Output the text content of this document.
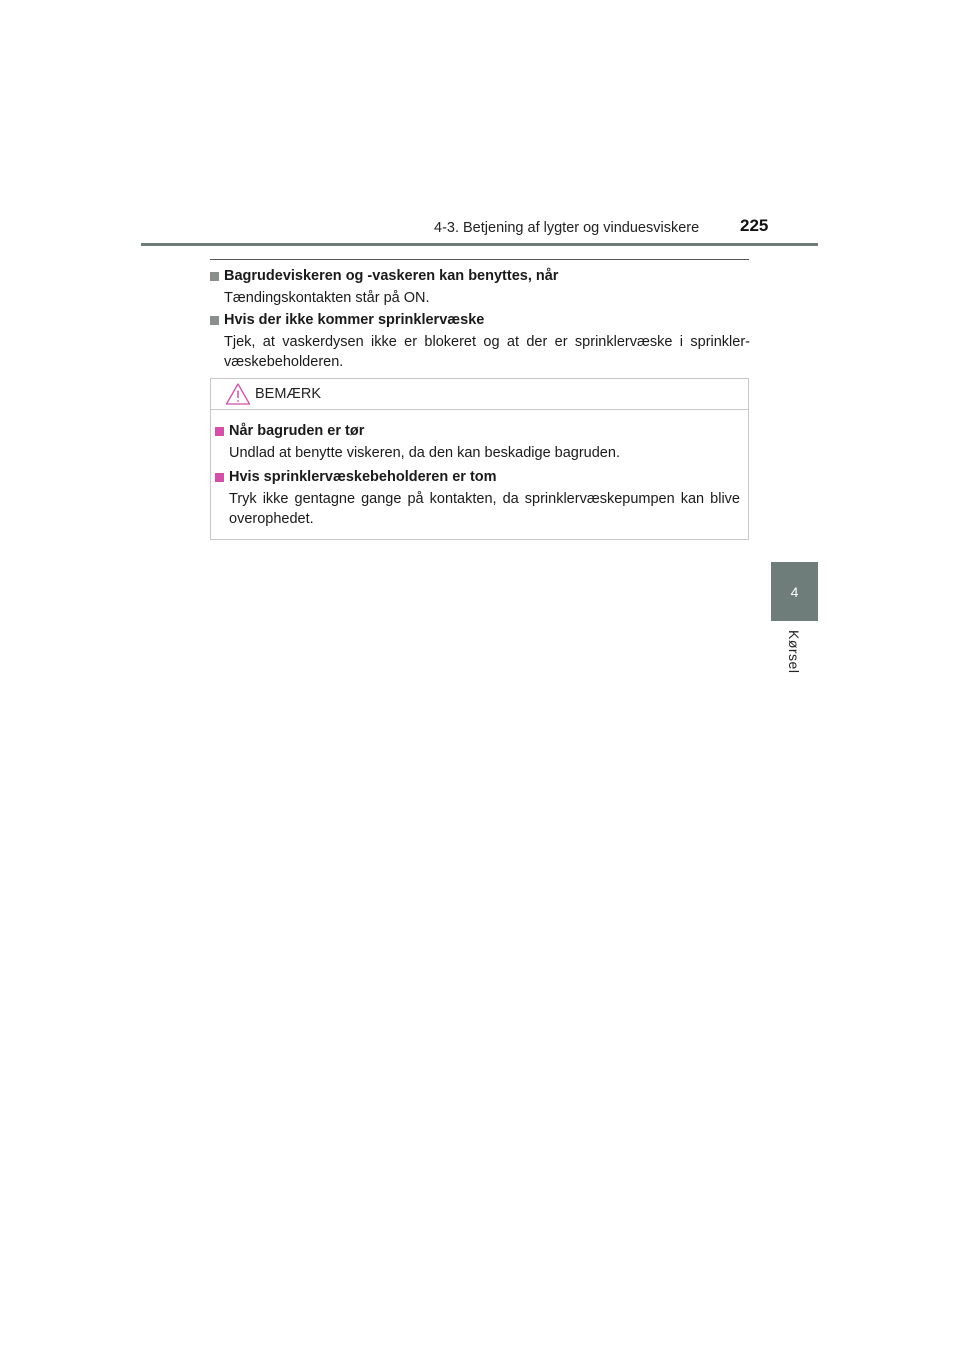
4-3. Betjening af lygter og vinduesviskere 225
4
Kørsel
Bagrudeviskeren og -vaskeren kan benyttes, når
Tændingskontakten står på ON.
Hvis der ikke kommer sprinklervæske
Tjek, at vaskerdysen ikke er blokeret og at der er sprinklervæske i sprinkler-væskebeholderen.
BEMÆRK
Når bagruden er tør
Undlad at benytte viskeren, da den kan beskadige bagruden.
Hvis sprinklervæskebeholderen er tom
Tryk ikke gentagne gange på kontakten, da sprinklervæskepumpen kan blive overophedet.
